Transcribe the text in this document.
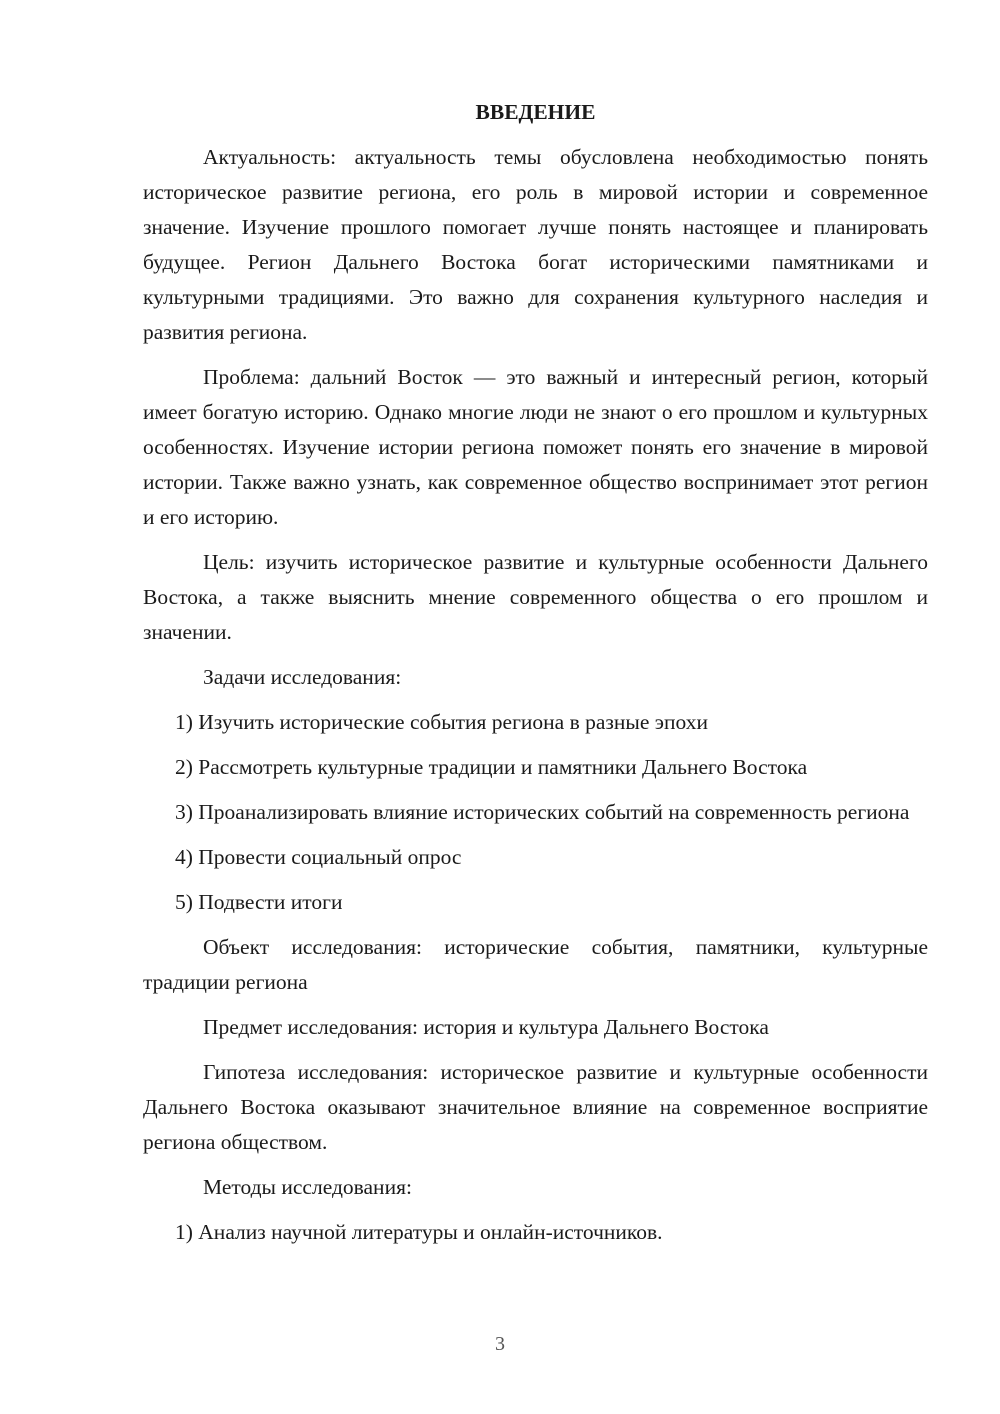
ВВЕДЕНИЕ

Актуальность: актуальность темы обусловлена необходимостью понять историческое развитие региона, его роль в мировой истории и современное значение. Изучение прошлого помогает лучше понять настоящее и планировать будущее. Регион Дальнего Востока богат историческими памятниками и культурными традициями. Это важно для сохранения культурного наследия и развития региона.

Проблема: дальний Восток — это важный и интересный регион, который имеет богатую историю. Однако многие люди не знают о его прошлом и культурных особенностях. Изучение истории региона поможет понять его значение в мировой истории. Также важно узнать, как современное общество воспринимает этот регион и его историю.

Цель: изучить историческое развитие и культурные особенности Дальнего Востока, а также выяснить мнение современного общества о его прошлом и значении.

Задачи исследования:

1) Изучить исторические события региона в разные эпохи

2) Рассмотреть культурные традиции и памятники Дальнего Востока

3) Проанализировать влияние исторических событий на современность региона

4) Провести социальный опрос

5) Подвести итоги

Объект исследования: исторические события, памятники, культурные традиции региона

Предмет исследования: история и культура Дальнего Востока

Гипотеза исследования: историческое развитие и культурные особенности Дальнего Востока оказывают значительное влияние на современное восприятие региона обществом.

Методы исследования:

1) Анализ научной литературы и онлайн-источников.

3
